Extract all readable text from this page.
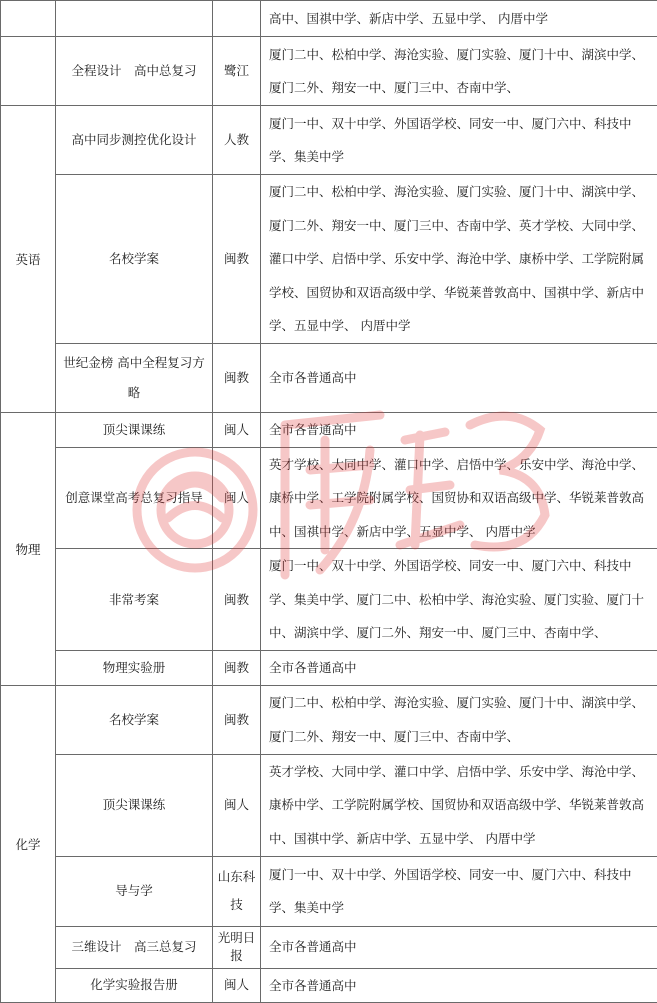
			高中、国祺中学、新店中学、五显中学、 内厝中学
	全程设计　高中总复习	鹭江	厦门二中、松柏中学、海沧实验、厦门实验、厦门十中、湖滨中学、厦门二外、翔安一中、厦门三中、杏南中学、
英语	高中同步测控优化设计	人教	厦门一中、双十中学、外国语学校、同安一中、厦门六中、科技中学、集美中学
	名校学案	闽教	厦门二中、松柏中学、海沧实验、厦门实验、厦门十中、湖滨中学、厦门二外、翔安一中、厦门三中、杏南中学、英才学校、大同中学、灌口中学、启悟中学、乐安中学、海沧中学、康桥中学、工学院附属学校、国贸协和双语高级中学、华锐莱普敦高中、国祺中学、新店中学、五显中学、 内厝中学
	世纪金榜 高中全程复习方略	闽教	全市各普通高中
物理	顶尖课课练	闽人	全市各普通高中
	创意课堂高考总复习指导	闽人	英才学校、大同中学、灌口中学、启悟中学、乐安中学、海沧中学、康桥中学、工学院附属学校、国贸协和双语高级中学、华锐莱普敦高中、国祺中学、新店中学、五显中学、 内厝中学
	非常考案	闽教	厦门一中、双十中学、外国语学校、同安一中、厦门六中、科技中学、集美中学、厦门二中、松柏中学、海沧实验、厦门实验、厦门十中、湖滨中学、厦门二外、翔安一中、厦门三中、杏南中学、
	物理实验册	闽教	全市各普通高中
化学	名校学案	闽教	厦门二中、松柏中学、海沧实验、厦门实验、厦门十中、湖滨中学、厦门二外、翔安一中、厦门三中、杏南中学、
	顶尖课课练	闽人	英才学校、大同中学、灌口中学、启悟中学、乐安中学、海沧中学、康桥中学、工学院附属学校、国贸协和双语高级中学、华锐莱普敦高中、国祺中学、新店中学、五显中学、 内厝中学
	导与学	山东科技	厦门一中、双十中学、外国语学校、同安一中、厦门六中、科技中学、集美中学
	三维设计　高三总复习	光明日报	全市各普通高中
	化学实验报告册	闽人	全市各普通高中
